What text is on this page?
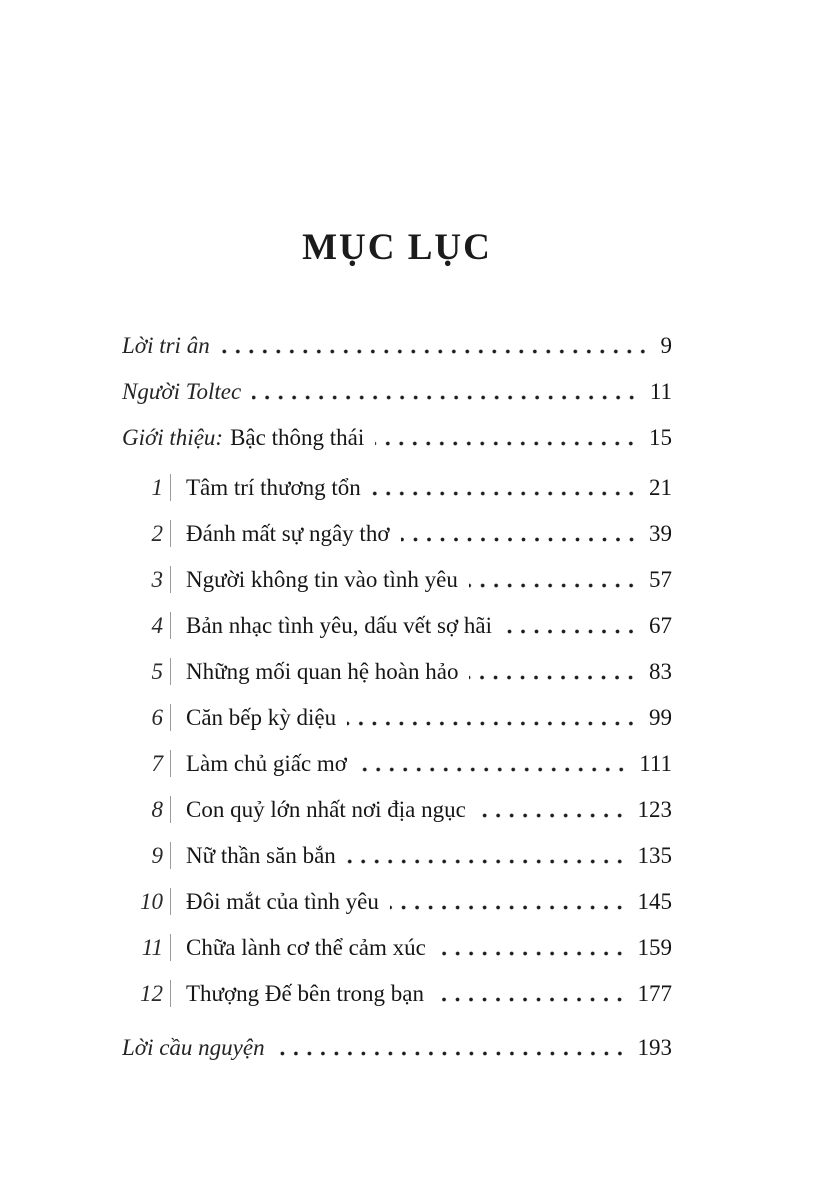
MỤC LỤC
Lời tri ân	9
Người Toltec	11
Giới thiệu: Bậc thông thái	15
1 Tâm trí thương tổn	21
2 Đánh mất sự ngây thơ	39
3 Người không tin vào tình yêu	57
4 Bản nhạc tình yêu, dấu vết sợ hãi	67
5 Những mối quan hệ hoàn hảo	83
6 Căn bếp kỳ diệu	99
7 Làm chủ giấc mơ	111
8 Con quỷ lớn nhất nơi địa ngục	123
9 Nữ thần săn bắn	135
10 Đôi mắt của tình yêu	145
11 Chữa lành cơ thể cảm xúc	159
12 Thượng Đế bên trong bạn	177
Lời cầu nguyện	193
